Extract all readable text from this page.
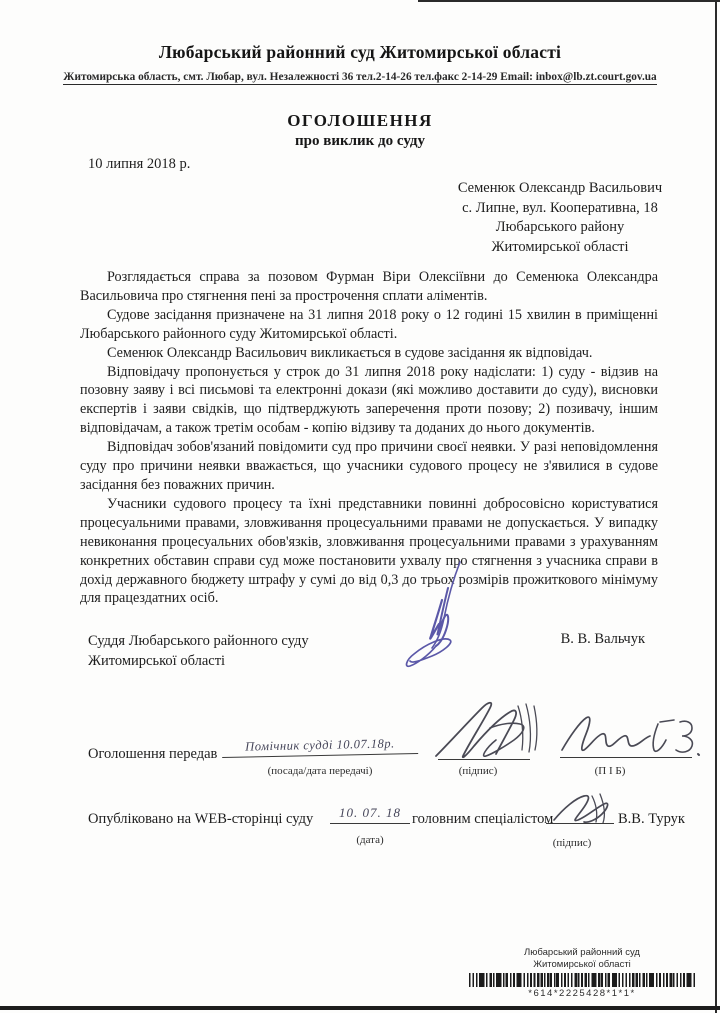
Любарський районний суд Житомирської області
Житомирська область, смт. Любар, вул. Незалежності 36 тел.2-14-26 тел.факс 2-14-29 Email: inbox@lb.zt.court.gov.ua
ОГОЛОШЕННЯ
про виклик до суду
10 липня 2018 р.
Семенюк Олександр Васильович
с. Липне, вул. Кооперативна, 18
Любарського району
Житомирської області

Розглядається справа за позовом Фурман Віри Олексіївни до Семенюка Олександра Васильовича про стягнення пені за прострочення сплати аліментів.

Судове засідання призначене на 31 липня 2018 року о 12 годині 15 хвилин в приміщенні Любарського районного суду Житомирської області.

Семенюк Олександр Васильович викликається в судове засідання як відповідач.

Відповідачу пропонується у строк до 31 липня 2018 року надіслати: 1) суду - відзив на позовну заяву і всі письмові та електронні докази (які можливо доставити до суду), висновки експертів і заяви свідків, що підтверджують заперечення проти позову; 2) позивачу, іншим відповідачам, а також третім особам - копію відзиву та доданих до нього документів.

Відповідач зобов'язаний повідомити суд про причини своєї неявки. У разі неповідомлення суду про причини неявки вважається, що учасники судового процесу не з'явилися в судове засідання без поважних причин.

Учасники судового процесу та їхні представники повинні добросовісно користуватися процесуальними правами, зловживання процесуальними правами не допускається. У випадку невиконання процесуальних обов'язків, зловживання процесуальними правами з урахуванням конкретних обставин справи суд може постановити ухвалу про стягнення з учасника справи в дохід державного бюджету штрафу у сумі до від 0,3 до трьох розмірів прожиткового мінімуму для працездатних осіб.

Суддя Любарського районного суду
Житомирської області
В. В. Вальчук
Оголошення передав
Помічник судді 10.07.18р.
(посада/дата передачі)	(підпис)	(П І Б)
Опубліковано на WEB-сторінці суду	10. 07. 18 головним спеціалістом	В.В. Турук
(дата)	(підпис)
Любарський районний суд
Житомирської області
*614*2225428*1*1*
